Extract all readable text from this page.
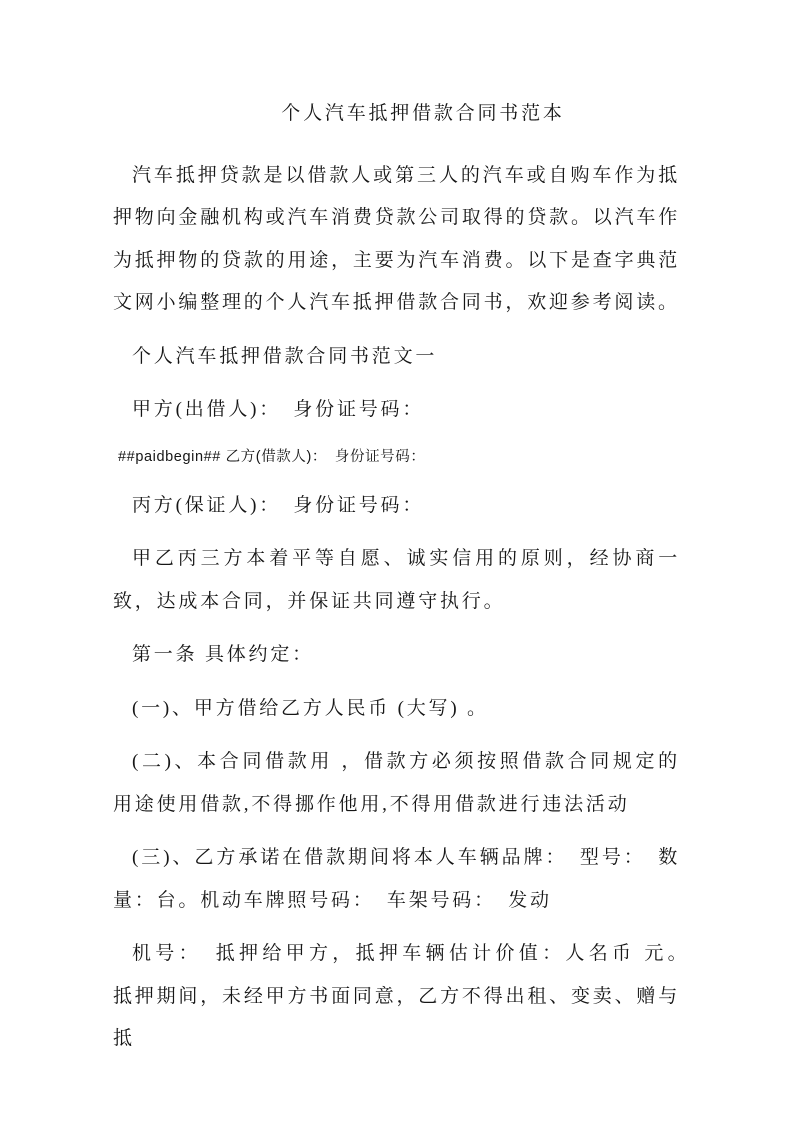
个人汽车抵押借款合同书范本

汽车抵押贷款是以借款人或第三人的汽车或自购车作为抵押物向金融机构或汽车消费贷款公司取得的贷款。以汽车作为抵押物的贷款的用途，主要为汽车消费。以下是查字典范文网小编整理的个人汽车抵押借款合同书，欢迎参考阅读。

个人汽车抵押借款合同书范文一

甲方(出借人)：　身份证号码：

##paidbegin## 乙方(借款人)：　身份证号码：

丙方(保证人)：　身份证号码：

甲乙丙三方本着平等自愿、诚实信用的原则，经协商一致，达成本合同，并保证共同遵守执行。

第一条 具体约定：

(一)、甲方借给乙方人民币 (大写) 。

(二)、本合同借款用 ，借款方必须按照借款合同规定的用途使用借款,不得挪作他用,不得用借款进行违法活动

(三)、乙方承诺在借款期间将本人车辆品牌：　型号：　数量：台。机动车牌照号码：　车架号码：　发动

机号：　抵押给甲方，抵押车辆估计价值：人名币 元。　抵押期间，未经甲方书面同意，乙方不得出租、变卖、赠与抵
